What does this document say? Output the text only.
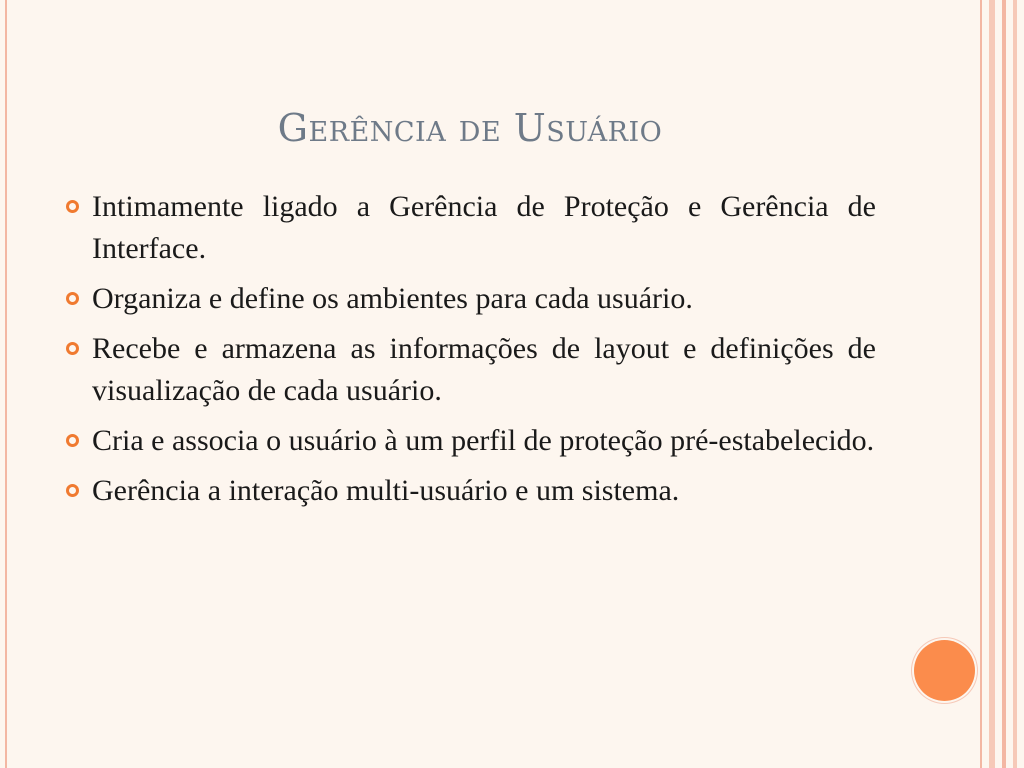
Gerência de Usuário
Intimamente ligado a Gerência de Proteção e Gerência de Interface.
Organiza e define os ambientes para cada usuário.
Recebe e armazena as informações de layout e definições de visualização de cada usuário.
Cria e associa o usuário à um perfil de proteção pré-estabelecido.
Gerência a interação multi-usuário e um sistema.
